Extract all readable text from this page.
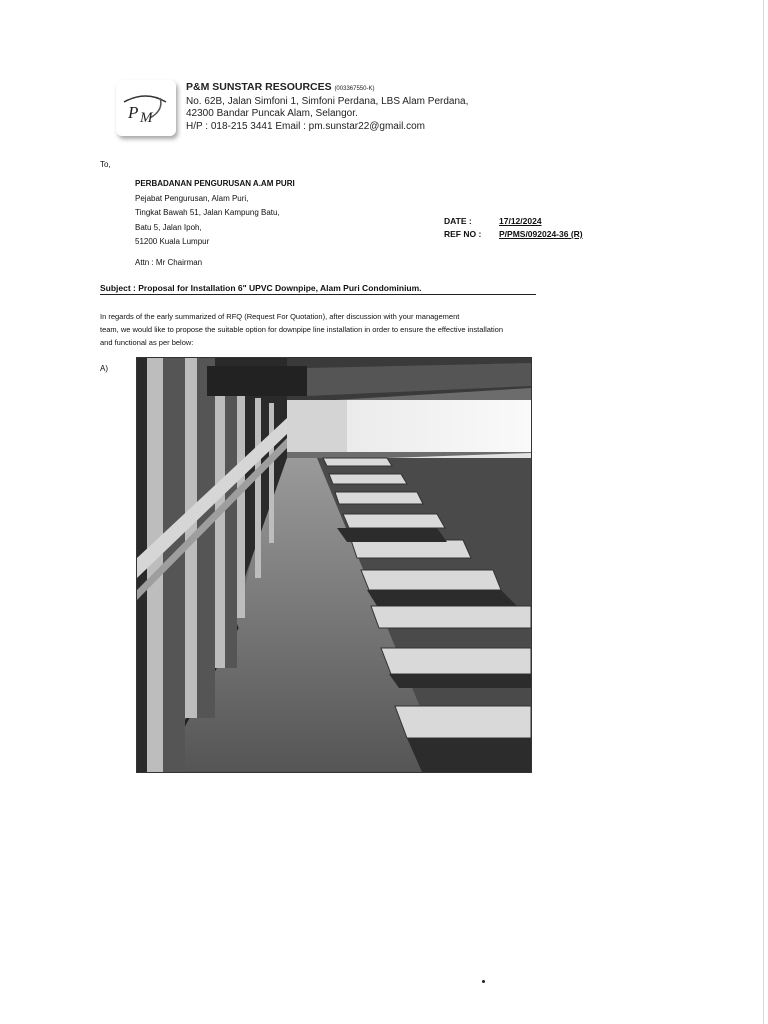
P M
P&M SUNSTAR RESOURCES (003367550-K)
No. 62B, Jalan Simfoni 1, Simfoni Perdana, LBS Alam Perdana,
42300 Bandar Puncak Alam, Selangor.
H/P : 018-215 3441 Email : pm.sunstar22@gmail.com
To,
PERBADANAN PENGURUSAN A.AM PURI
Pejabat Pengurusan, Alam Puri,
Tingkat Bawah 51, Jalan Kampung Batu,
Batu 5, Jalan Ipoh,
51200 Kuala Lumpur
DATE :	17/12/2024
REF NO : P/PMS/092024-36 (R)
Attn : Mr Chairman
Subject : Proposal for Installation 6" UPVC Downpipe, Alam Puri Condominium.
In regards of the early summarized of RFQ (Request For Quotation), after discussion with your management
team, we would like to propose the suitable option for downpipe line installation in order to ensure the effective installation
and functional as per below:
A)
